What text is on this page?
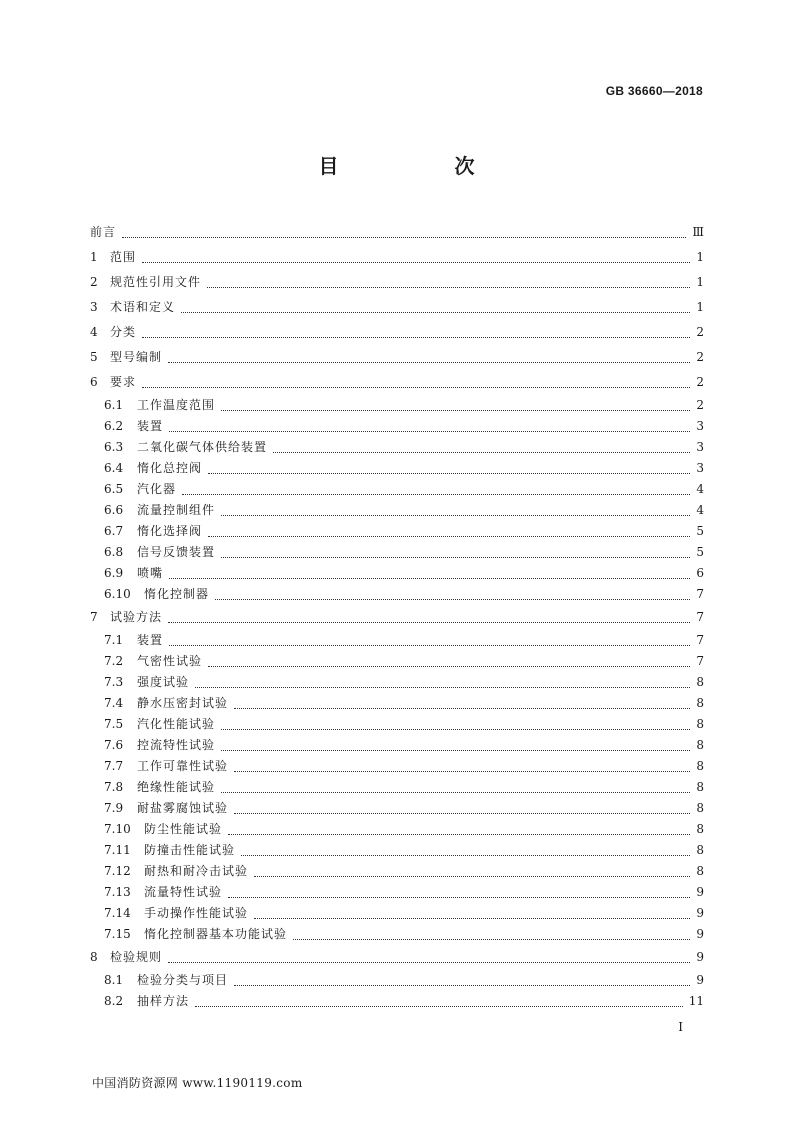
GB 36660—2018
目　次
前言	Ⅲ
1	范围	1
2	规范性引用文件	1
3	术语和定义	1
4	分类	2
5	型号编制	2
6	要求	2
6.1	工作温度范围	2
6.2	装置	3
6.3	二氧化碳气体供给装置	3
6.4	惰化总控阀	3
6.5	汽化器	4
6.6	流量控制组件	4
6.7	惰化选择阀	5
6.8	信号反馈装置	5
6.9	喷嘴	6
6.10	惰化控制器	7
7	试验方法	7
7.1	装置	7
7.2	气密性试验	7
7.3	强度试验	8
7.4	静水压密封试验	8
7.5	汽化性能试验	8
7.6	控流特性试验	8
7.7	工作可靠性试验	8
7.8	绝缘性能试验	8
7.9	耐盐雾腐蚀试验	8
7.10	防尘性能试验	8
7.11	防撞击性能试验	8
7.12	耐热和耐冷击试验	8
7.13	流量特性试验	9
7.14	手动操作性能试验	9
7.15	惰化控制器基本功能试验	9
8	检验规则	9
8.1	检验分类与项目	9
8.2	抽样方法	11
I
中国消防资源网 www.1190119.com
